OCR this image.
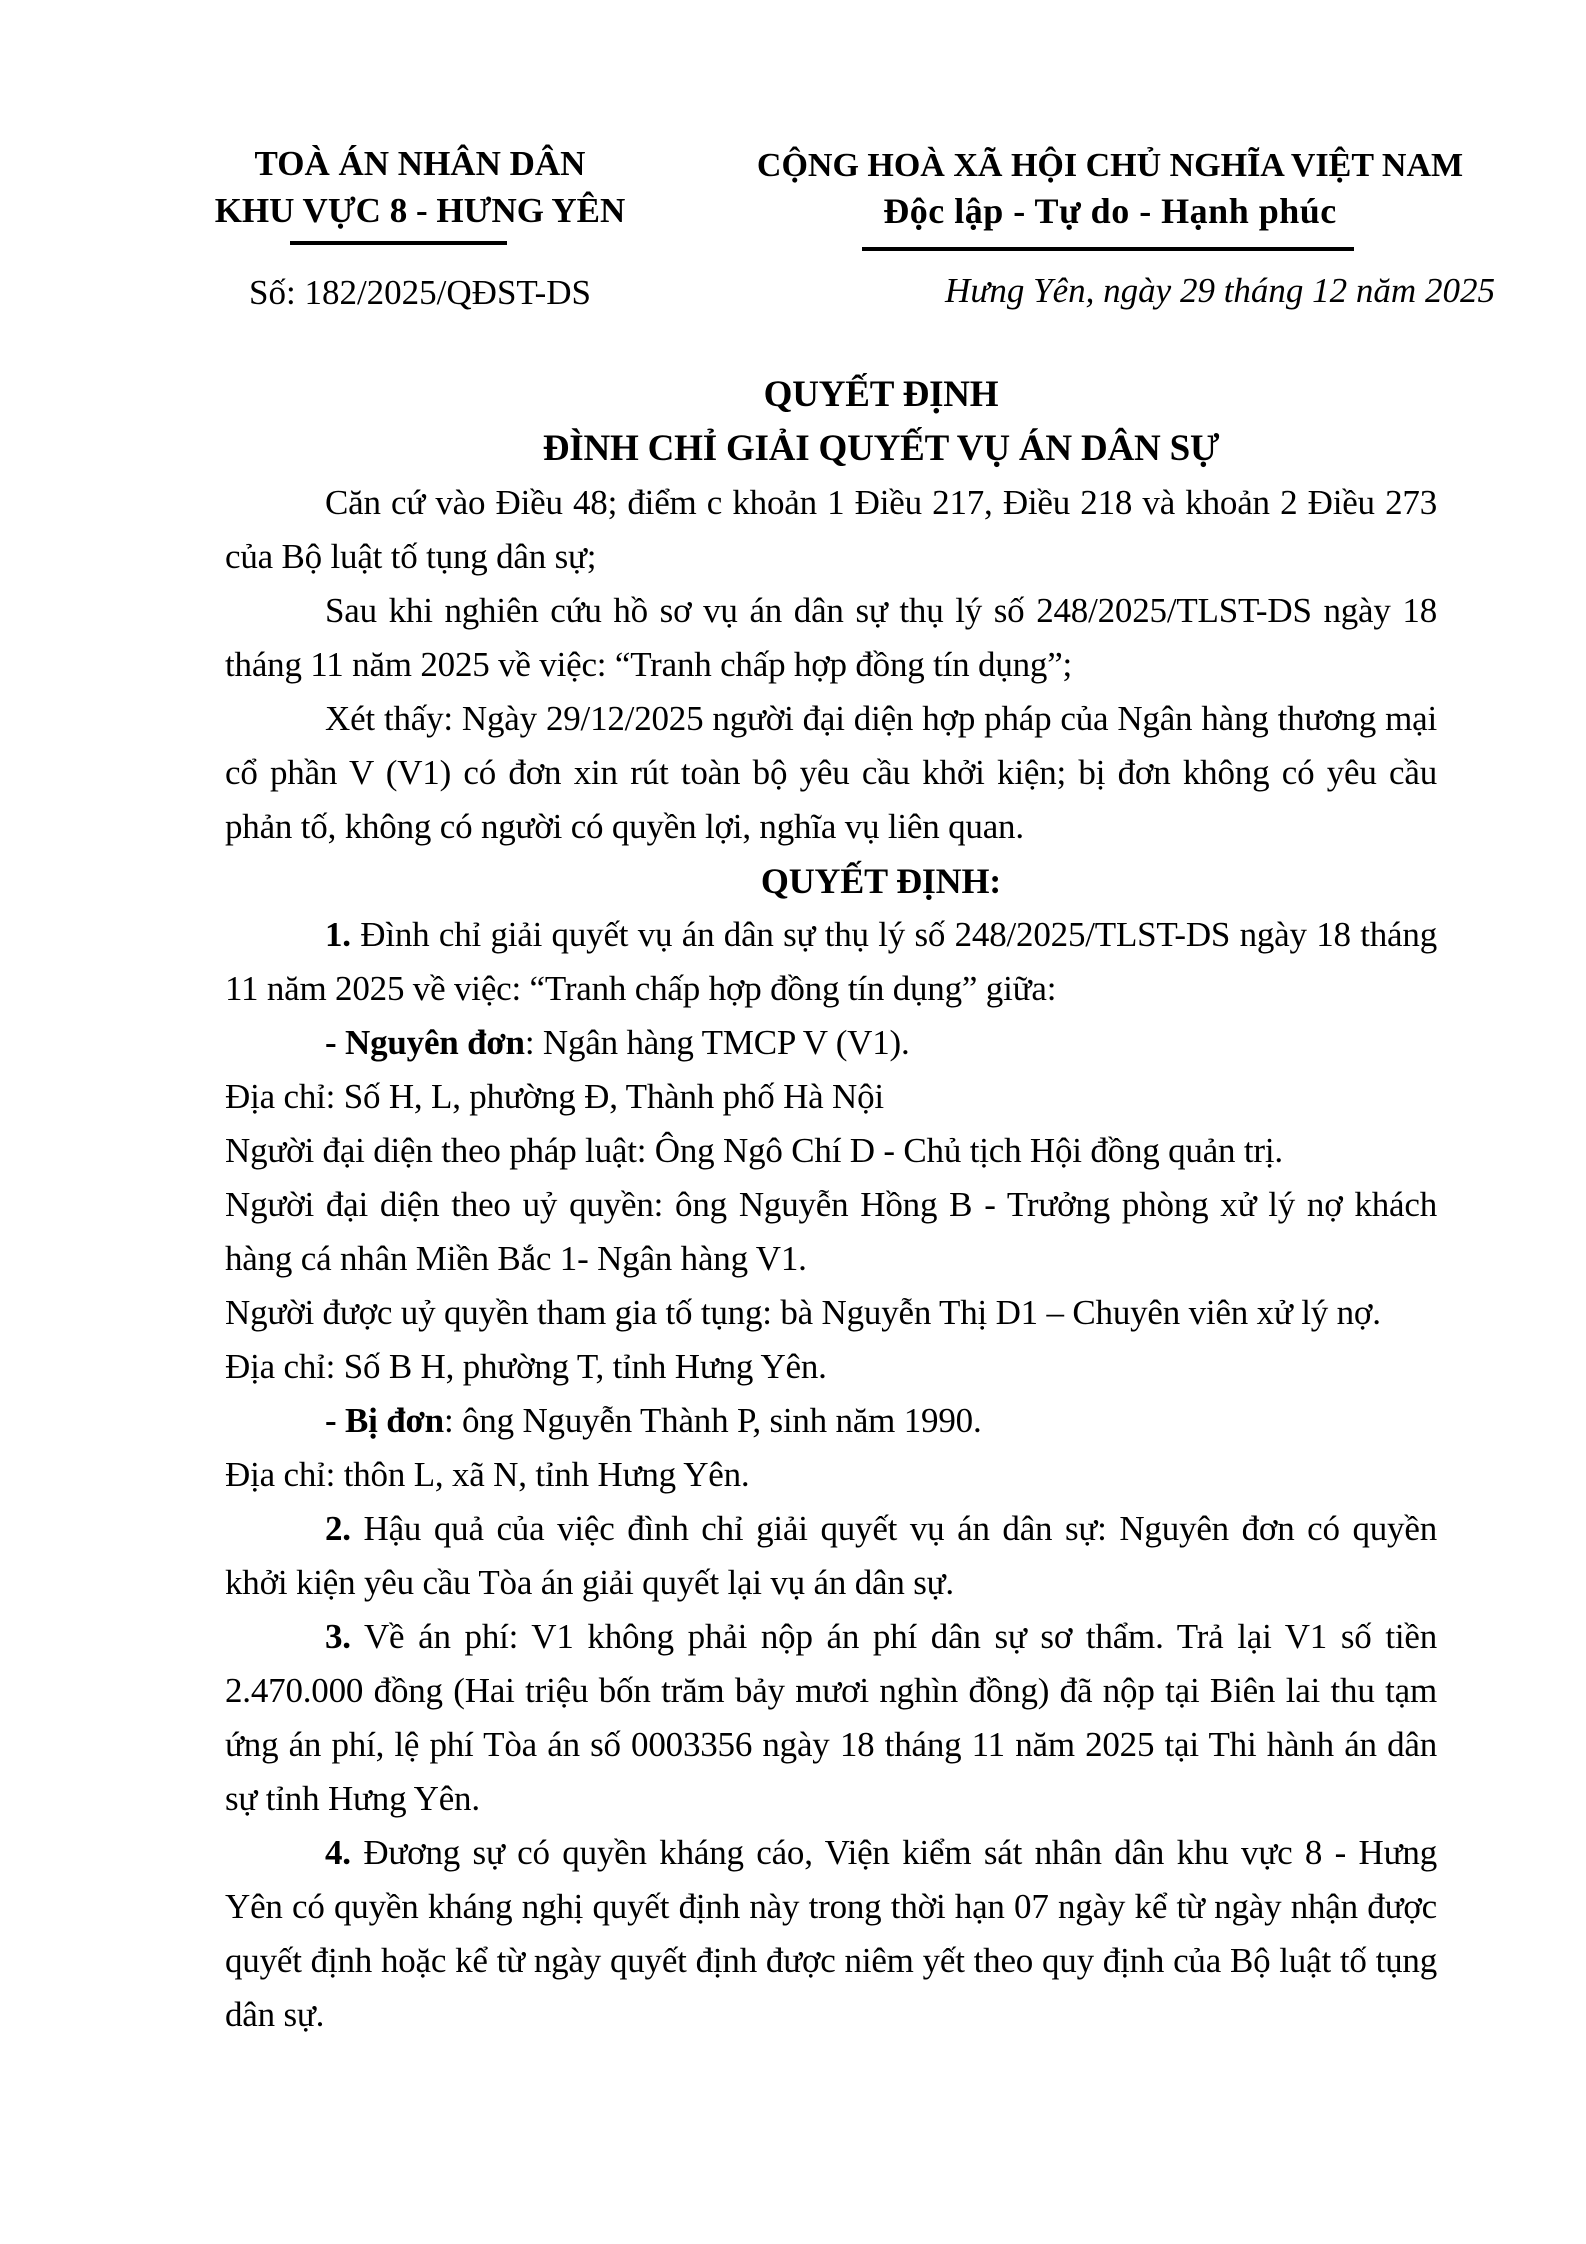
TOÀ ÁN NHÂN DÂN
KHU VỰC 8 - HƯNG YÊN
CỘNG HOÀ XÃ HỘI CHỦ NGHĨA VIỆT NAM
Độc lập - Tự do - Hạnh phúc
Số: 182/2025/QĐST-DS	Hưng Yên, ngày 29 tháng 12 năm 2025
QUYẾT ĐỊNH
ĐÌNH CHỈ GIẢI QUYẾT VỤ ÁN DÂN SỰ

Căn cứ vào Điều 48; điểm c khoản 1 Điều 217, Điều 218 và khoản 2 Điều 273 của Bộ luật tố tụng dân sự;

Sau khi nghiên cứu hồ sơ vụ án dân sự thụ lý số 248/2025/TLST-DS ngày 18 tháng 11 năm 2025 về việc: “Tranh chấp hợp đồng tín dụng”;

Xét thấy: Ngày 29/12/2025 người đại diện hợp pháp của Ngân hàng thương mại cổ phần V (V1) có đơn xin rút toàn bộ yêu cầu khởi kiện; bị đơn không có yêu cầu phản tố, không có người có quyền lợi, nghĩa vụ liên quan.

QUYẾT ĐỊNH:

1. Đình chỉ giải quyết vụ án dân sự thụ lý số 248/2025/TLST-DS ngày 18 tháng 11 năm 2025 về việc: “Tranh chấp hợp đồng tín dụng” giữa:

- Nguyên đơn: Ngân hàng TMCP V (V1).

Địa chỉ: Số H, L, phường Đ, Thành phố Hà Nội

Người đại diện theo pháp luật: Ông Ngô Chí D - Chủ tịch Hội đồng quản trị.

Người đại diện theo uỷ quyền: ông Nguyễn Hồng B - Trưởng phòng xử lý nợ khách hàng cá nhân Miền Bắc 1- Ngân hàng V1.

Người được uỷ quyền tham gia tố tụng: bà Nguyễn Thị D1 – Chuyên viên xử lý nợ.

Địa chỉ: Số B H, phường T, tỉnh Hưng Yên.

- Bị đơn: ông Nguyễn Thành P, sinh năm 1990.

Địa chỉ: thôn L, xã N, tỉnh Hưng Yên.

2. Hậu quả của việc đình chỉ giải quyết vụ án dân sự: Nguyên đơn có quyền khởi kiện yêu cầu Tòa án giải quyết lại vụ án dân sự.

3. Về án phí: V1 không phải nộp án phí dân sự sơ thẩm. Trả lại V1 số tiền 2.470.000 đồng (Hai triệu bốn trăm bảy mươi nghìn đồng) đã nộp tại Biên lai thu tạm ứng án phí, lệ phí Tòa án số 0003356 ngày 18 tháng 11 năm 2025 tại Thi hành án dân sự tỉnh Hưng Yên.

4. Đương sự có quyền kháng cáo, Viện kiểm sát nhân dân khu vực 8 - Hưng Yên có quyền kháng nghị quyết định này trong thời hạn 07 ngày kể từ ngày nhận được quyết định hoặc kể từ ngày quyết định được niêm yết theo quy định của Bộ luật tố tụng dân sự.
